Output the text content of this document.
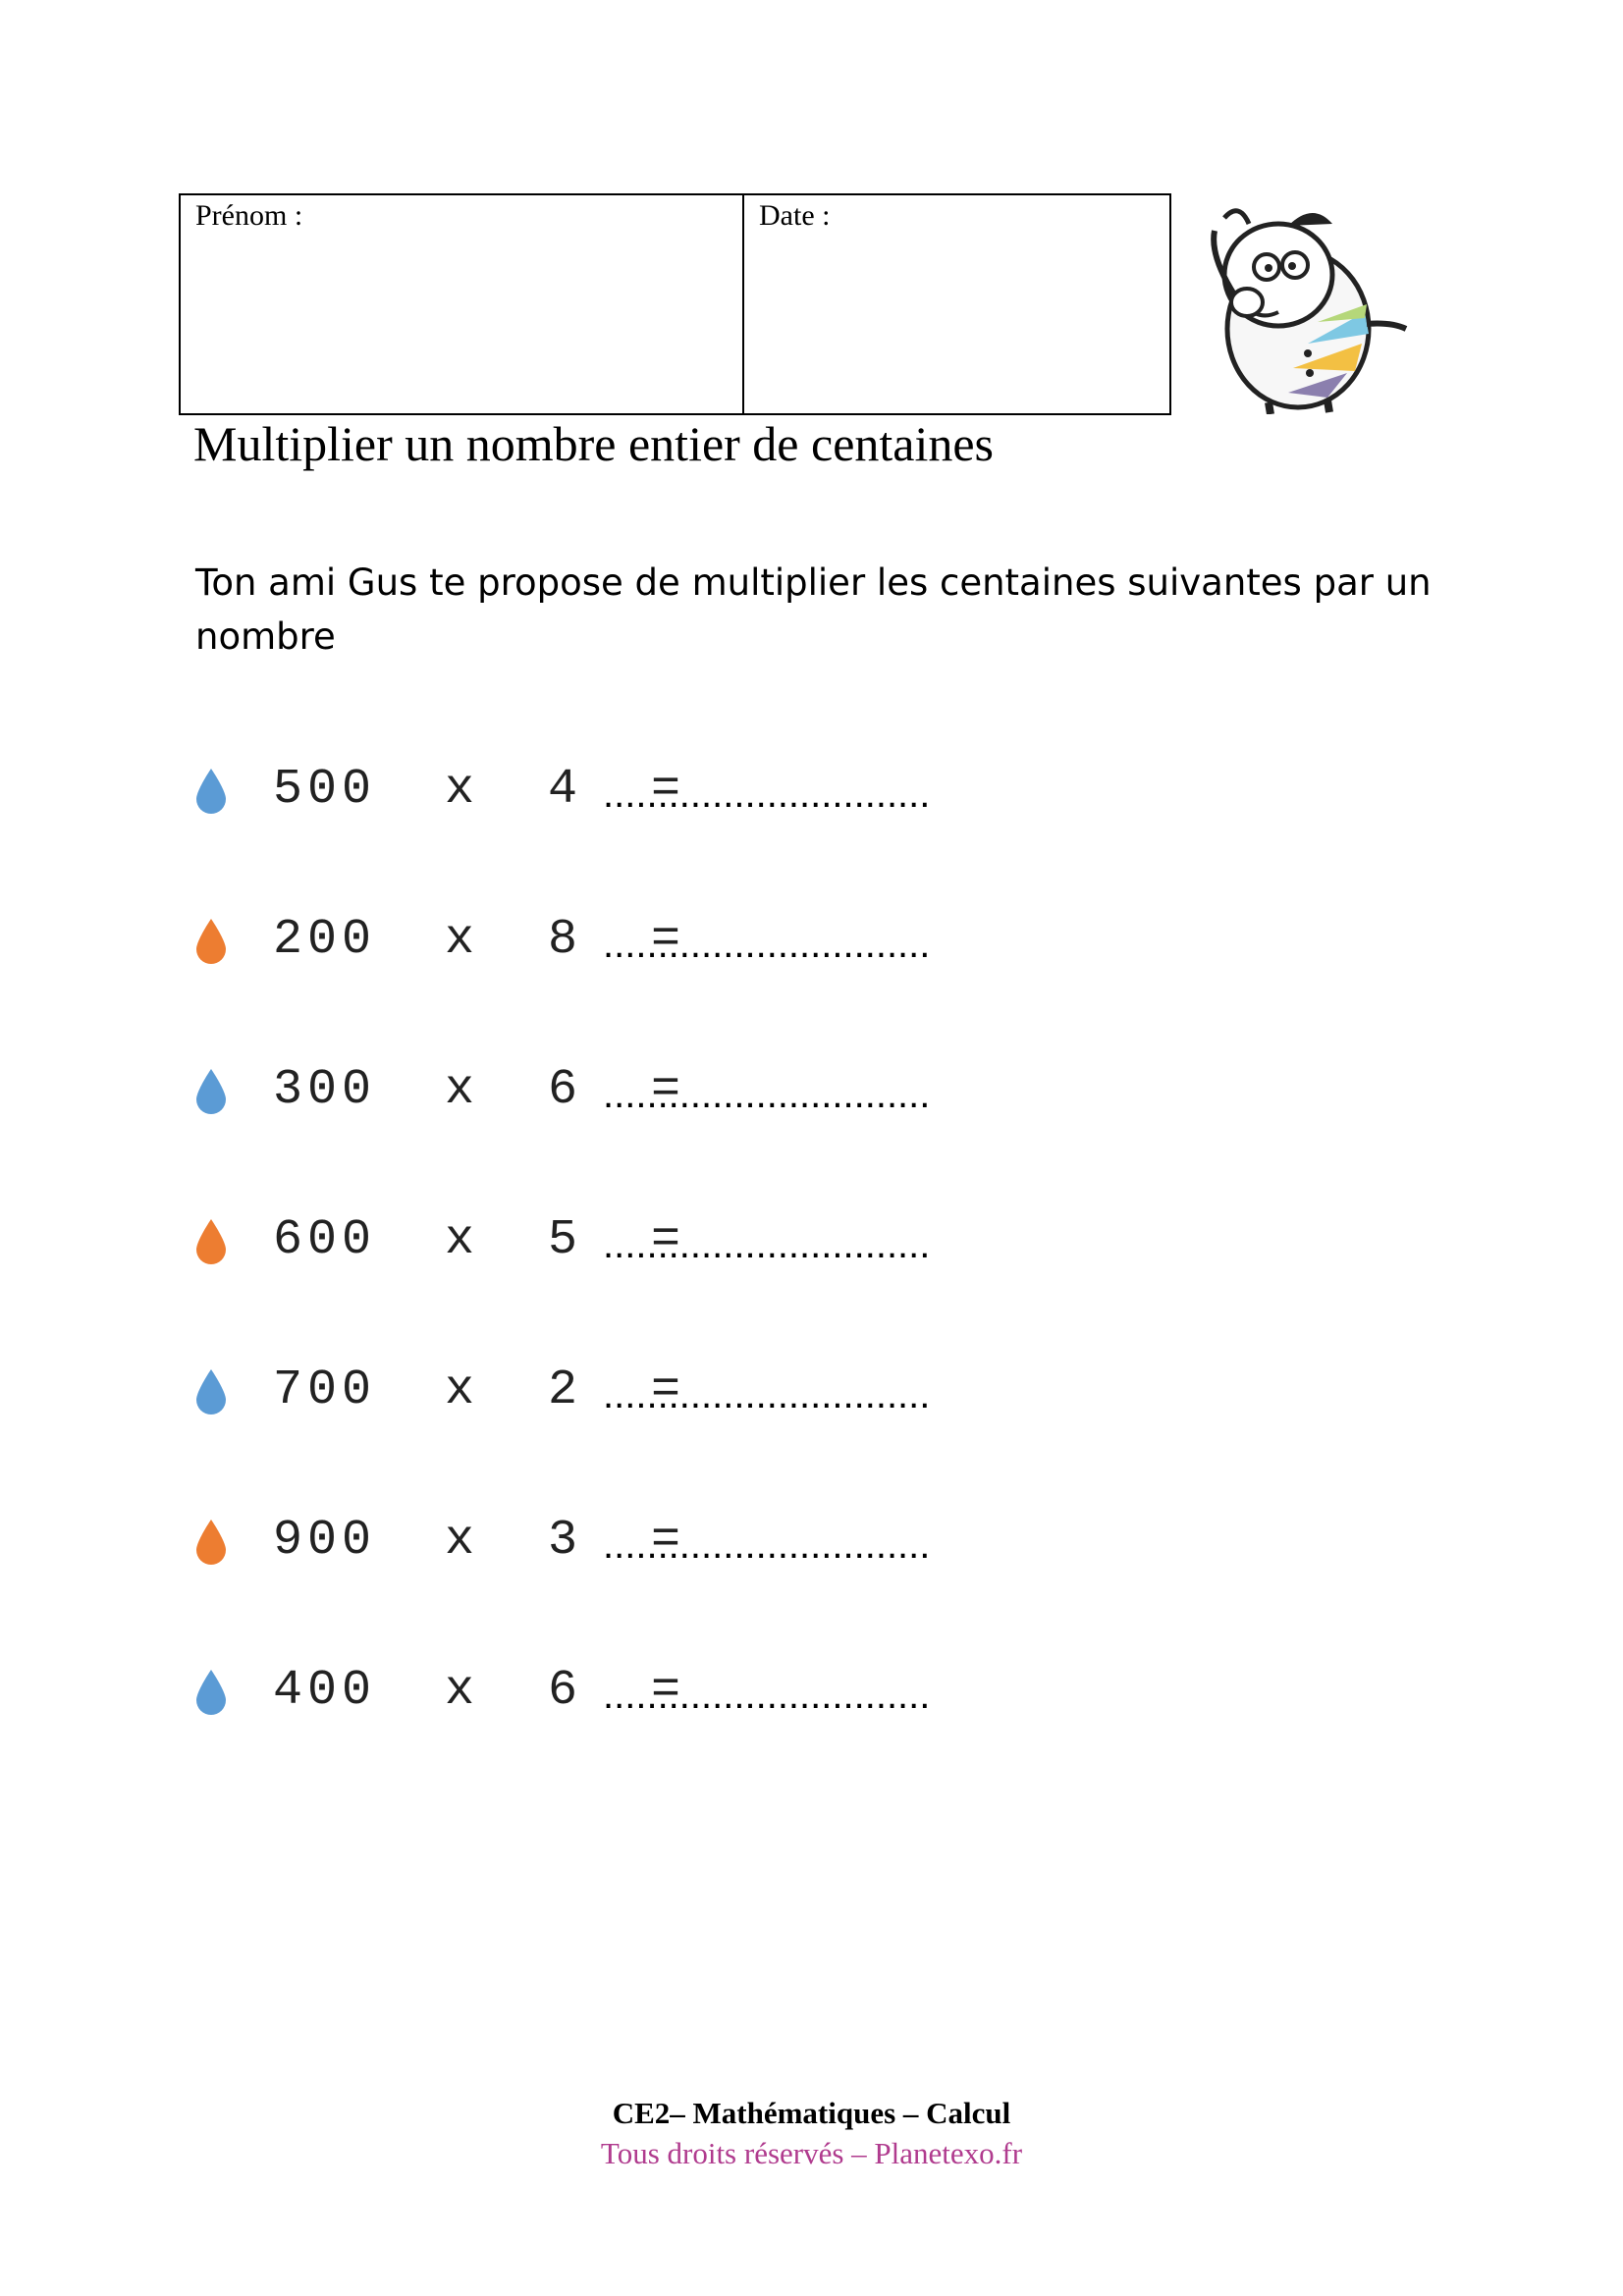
Prénom :	Date :
Multiplier un nombre entier de centaines
Ton ami Gus te propose de multiplier les centaines suivantes par un nombre
500  x  4  =
..............................
200  x  8  =
..............................
300  x  6  =
..............................
600  x  5  =
..............................
700  x  2  =
..............................
900  x  3  =
..............................
400  x  6  =
..............................
CE2– Mathématiques – Calcul
Tous droits réservés – Planetexo.fr
